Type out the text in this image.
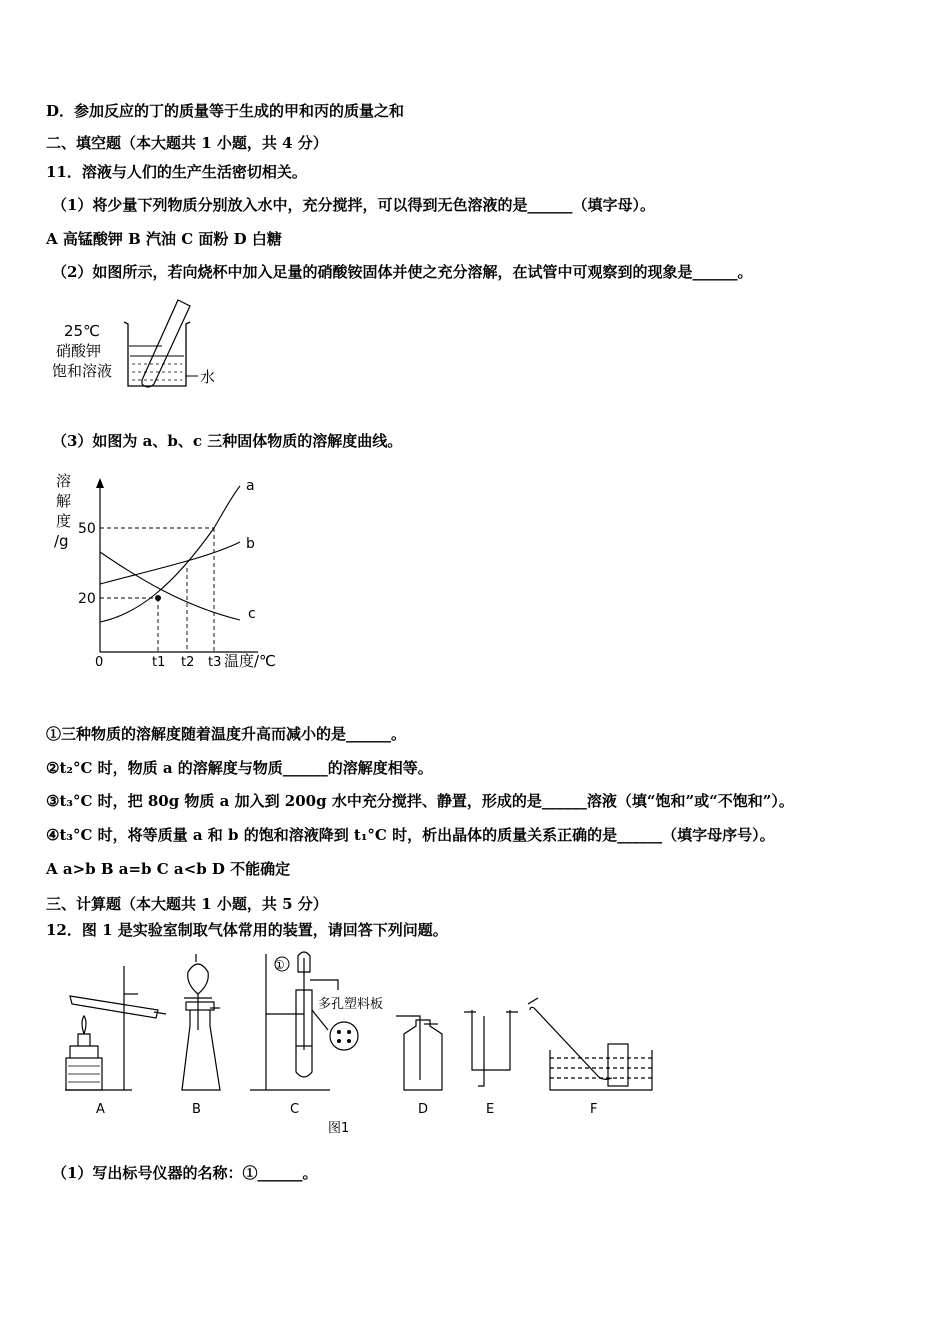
D．参加反应的丁的质量等于生成的甲和丙的质量之和
二、填空题（本大题共 1 小题，共 4 分）
11．溶液与人们的生产生活密切相关。
（1）将少量下列物质分别放入水中，充分搅拌，可以得到无色溶液的是______（填字母）。
A 高锰酸钾 B 汽油 C 面粉 D 白糖
（2）如图所示，若向烧杯中加入足量的硝酸铵固体并使之充分溶解，在试管中可观察到的现象是______。
25℃
硝酸钾
饱和溶液	水
（3）如图为 a、b、c 三种固体物质的溶解度曲线。
溶
解
度
/g
a
b
c
50
20
0	t1 t2 t3 温度/℃
①三种物质的溶解度随着温度升高而减小的是______。
②t₂°C 时，物质 a 的溶解度与物质______的溶解度相等。
③t₃°C 时，把 80g 物质 a 加入到 200g 水中充分搅拌、静置，形成的是______溶液（填“饱和”或“不饱和”）。
④t₃°C 时，将等质量 a 和 b 的饱和溶液降到 t₁°C 时，析出晶体的质量关系正确的是______（填字母序号）。
A a>b B a=b C a<b D 不能确定
三、计算题（本大题共 1 小题，共 5 分）
12．图 1 是实验室制取气体常用的装置，请回答下列问题。
A	B
①
多孔塑料板
C	D	E	F
图1
（1）写出标号仪器的名称：①______。
